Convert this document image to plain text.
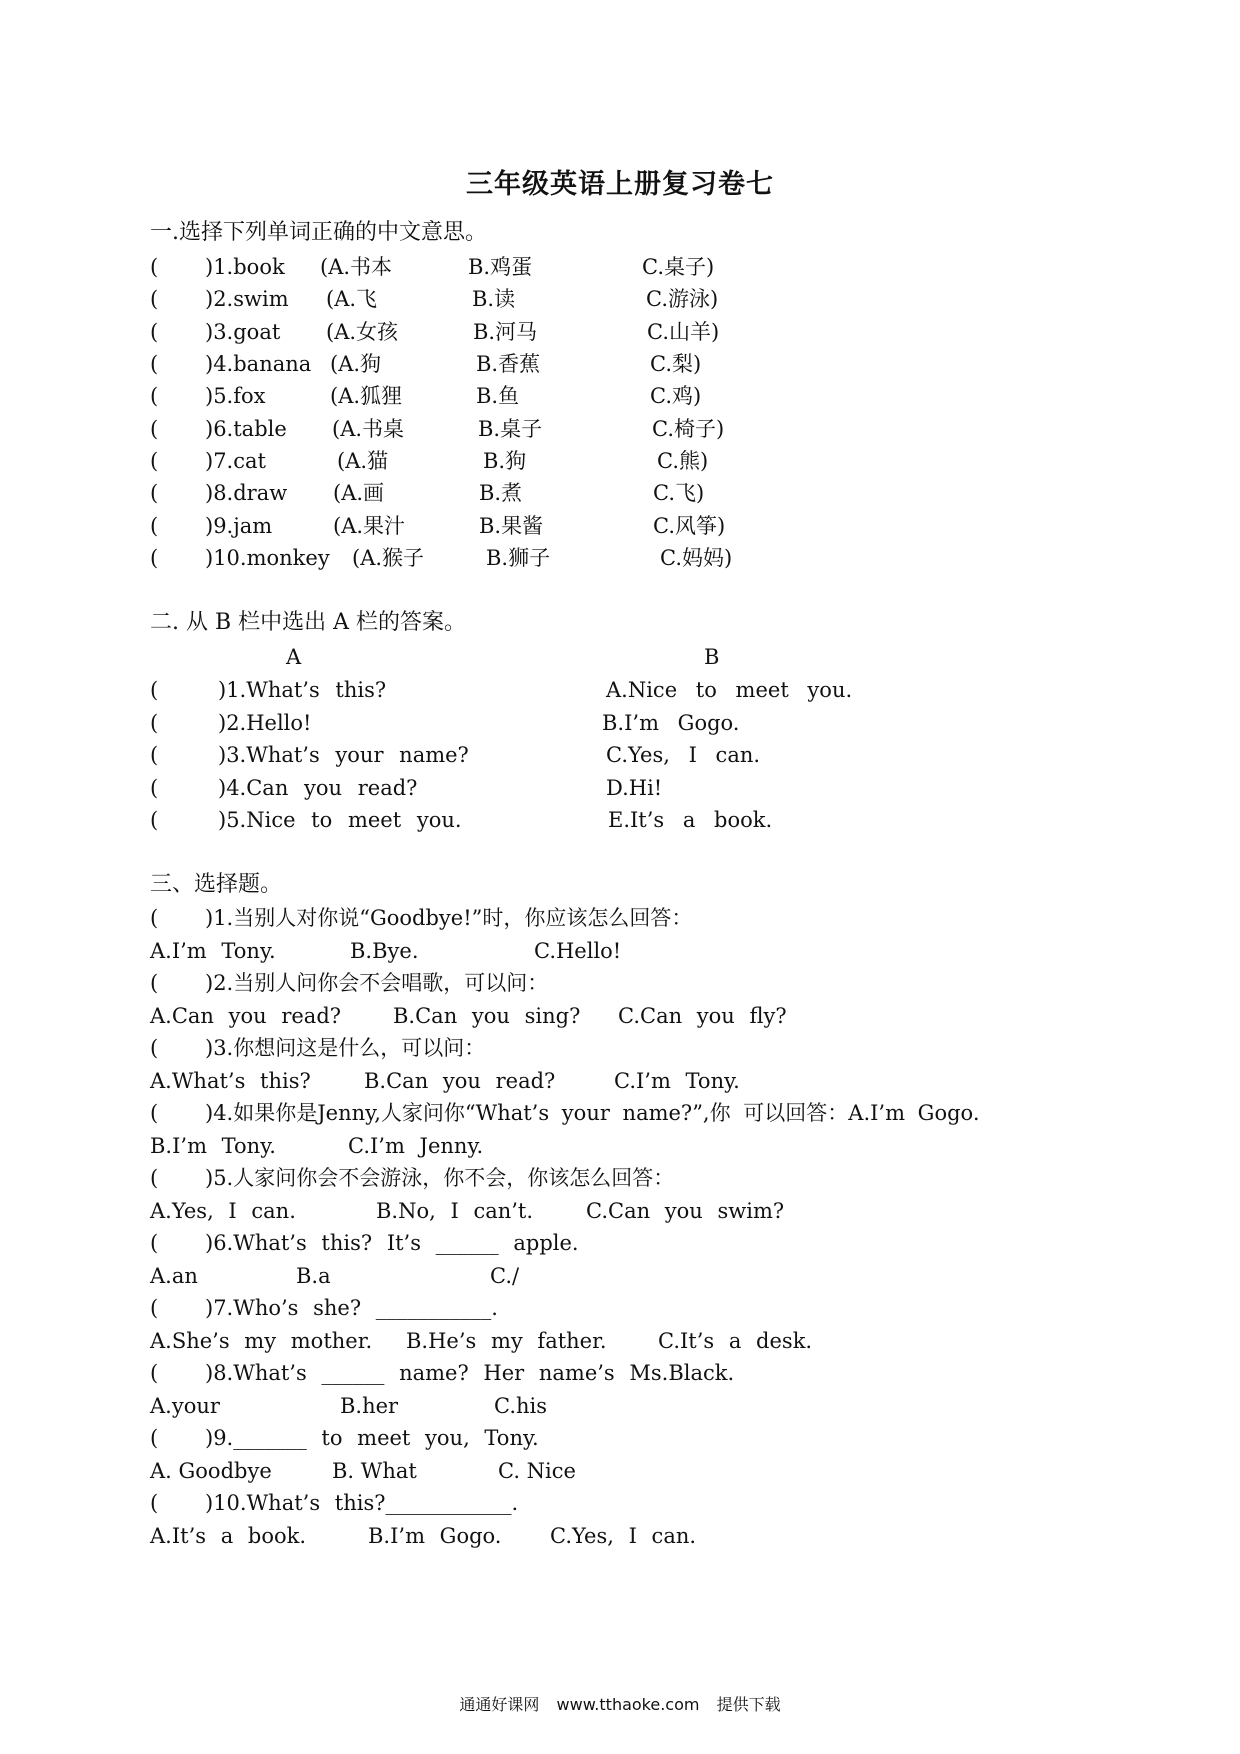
三年级英语上册复习卷七
一.选择下列单词正确的中文意思。
( )1.book (A.书本	B.鸡蛋	C.桌子)
( )2.swim (A.飞	B.读	C.游泳)
( )3.goat (A.女孩	B.河马	C.山羊)
( )4.banana (A.狗	B.香蕉	C.梨)
( )5.fox	(A.狐狸	B.鱼	C.鸡)
( )6.table (A.书桌	B.桌子	C.椅子)
( )7.cat	(A.猫	B.狗	C.熊)
( )8.draw (A.画	B.煮	C.飞)
( )9.jam	(A.果汁	B.果酱	C.风筝)
( )10.monkey (A.猴子	B.狮子	C.妈妈)
二. 从 B 栏中选出 A 栏的答案。
A	B
(	)1.What’s this?	A.Nice to meet you.
(	)2.Hello!	B.I’m Gogo.
(	)3.What’s your name?	C.Yes, I can.
(	)4.Can you read?	D.Hi!
(	)5.Nice to meet you.	E.It’s a book.
三、选择题。
( )1.当别人对你说“Goodbye!”时，你应该怎么回答：
A.I’m Tony.	B.Bye.	C.Hello!
( )2.当别人问你会不会唱歌，可以问：
A.Can you read? B.Can you sing? C.Can you fly?
( )3.你想问这是什么，可以问：
A.What’s this?	B.Can you read?	C.I’m Tony.
( )4.如果你是Jenny,人家问你“What’s your name?”,你 可以回答：A.I’m Gogo.
B.I’m Tony.	C.I’m Jenny.
( )5.人家问你会不会游泳，你不会，你该怎么回答：
A.Yes, I can.	B.No, I can’t.	C.Can you swim?
( )6.What’s this? It’s ______ apple.
A.an	B.a	C./
( )7.Who’s she? ___________.
A.She’s my mother. B.He’s my father. C.It’s a desk.
( )8.What’s ______ name? Her name’s Ms.Black.
A.your	B.her	C.his
( )9._______ to meet you, Tony.
A. Goodbye	B. What	C. Nice
( )10.What’s this?____________.
A.It’s a book.	B.I’m Gogo. C.Yes, I can.
通通好课网 www.tthaoke.com 提供下载
